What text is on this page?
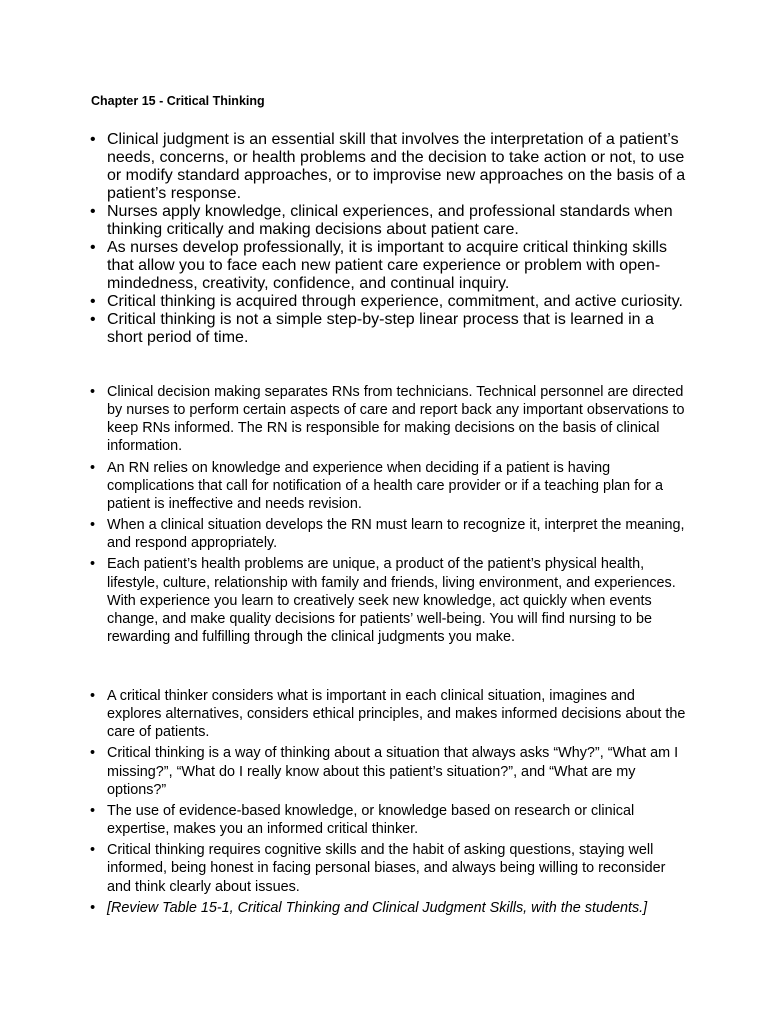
Chapter 15 - Critical Thinking
• Clinical judgment is an essential skill that involves the interpretation of a patient’s needs, concerns, or health problems and the decision to take action or not, to use or modify standard approaches, or to improvise new approaches on the basis of a patient’s response.
• Nurses apply knowledge, clinical experiences, and professional standards when thinking critically and making decisions about patient care.
• As nurses develop professionally, it is important to acquire critical thinking skills that allow you to face each new patient care experience or problem with open-mindedness, creativity, confidence, and continual inquiry.
• Critical thinking is acquired through experience, commitment, and active curiosity.
• Critical thinking is not a simple step-by-step linear process that is learned in a short period of time.
• Clinical decision making separates RNs from technicians. Technical personnel are directed by nurses to perform certain aspects of care and report back any important observations to keep RNs informed. The RN is responsible for making decisions on the basis of clinical information.
• An RN relies on knowledge and experience when deciding if a patient is having complications that call for notification of a health care provider or if a teaching plan for a patient is ineffective and needs revision.
• When a clinical situation develops the RN must learn to recognize it, interpret the meaning, and respond appropriately.
• Each patient’s health problems are unique, a product of the patient’s physical health, lifestyle, culture, relationship with family and friends, living environment, and experiences. With experience you learn to creatively seek new knowledge, act quickly when events change, and make quality decisions for patients’ well-being. You will find nursing to be rewarding and fulfilling through the clinical judgments you make.
• A critical thinker considers what is important in each clinical situation, imagines and explores alternatives, considers ethical principles, and makes informed decisions about the care of patients.
• Critical thinking is a way of thinking about a situation that always asks “Why?”, “What am I missing?”, “What do I really know about this patient’s situation?”, and “What are my options?”
• The use of evidence-based knowledge, or knowledge based on research or clinical expertise, makes you an informed critical thinker.
• Critical thinking requires cognitive skills and the habit of asking questions, staying well informed, being honest in facing personal biases, and always being willing to reconsider and think clearly about issues.
• [Review Table 15-1, Critical Thinking and Clinical Judgment Skills, with the students.]
